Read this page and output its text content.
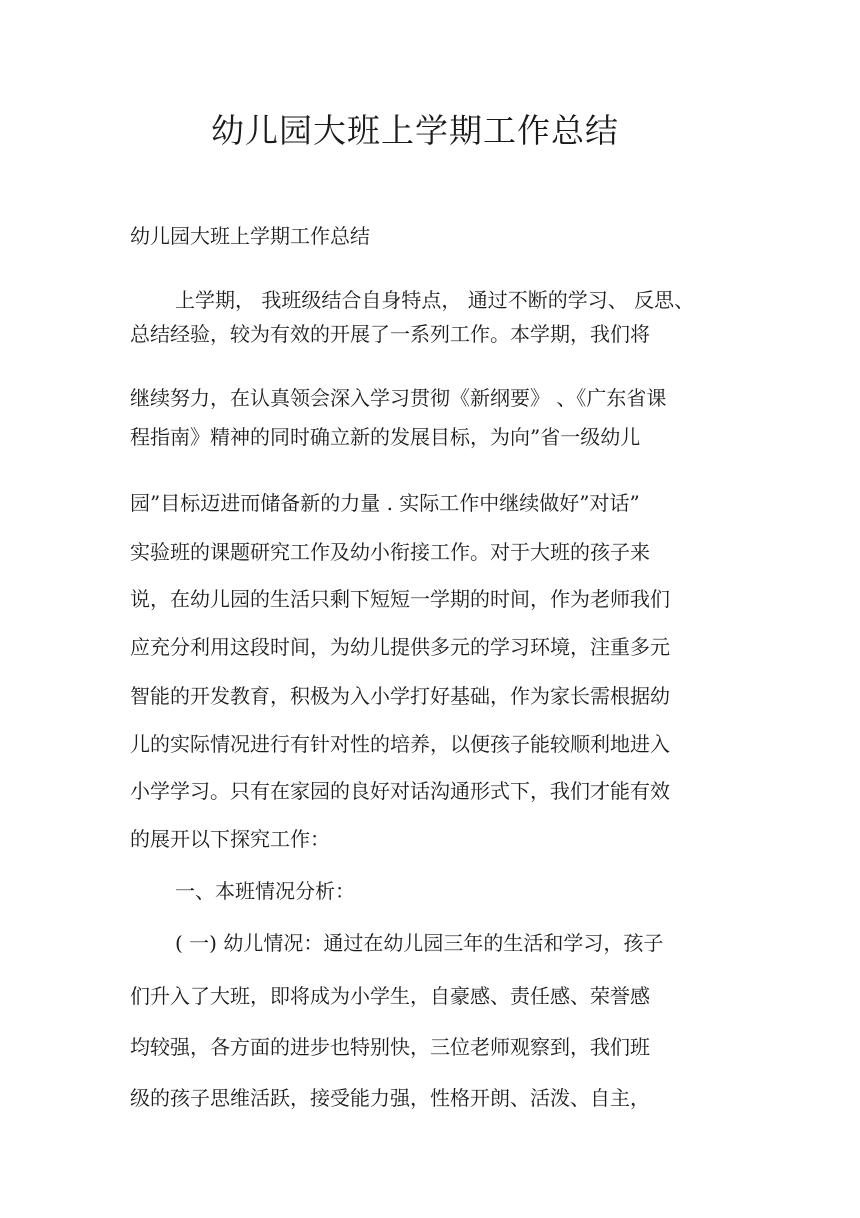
幼儿园大班上学期工作总结

幼儿园大班上学期工作总结

上学期， 我班级结合自身特点， 通过不断的学习、 反思、

总结经验，较为有效的开展了一系列工作。本学期，我们将

继续努力，在认真领会深入学习贯彻《新纲要》 、《广东省课

程指南》精神的同时确立新的发展目标，为向”省一级幼儿

园”目标迈进而储备新的力量 . 实际工作中继续做好”对话”

实验班的课题研究工作及幼小衔接工作。对于大班的孩子来

说，在幼儿园的生活只剩下短短一学期的时间，作为老师我们

应充分利用这段时间，为幼儿提供多元的学习环境，注重多元

智能的开发教育，积极为入小学打好基础，作为家长需根据幼

儿的实际情况进行有针对性的培养，以便孩子能较顺利地进入

小学学习。只有在家园的良好对话沟通形式下，我们才能有效

的展开以下探究工作：

一、本班情况分析：

( 一) 幼儿情况：通过在幼儿园三年的生活和学习，孩子

们升入了大班，即将成为小学生，自豪感、责任感、荣誉感

均较强，各方面的进步也特别快，三位老师观察到，我们班

级的孩子思维活跃，接受能力强，性格开朗、活泼、自主，
